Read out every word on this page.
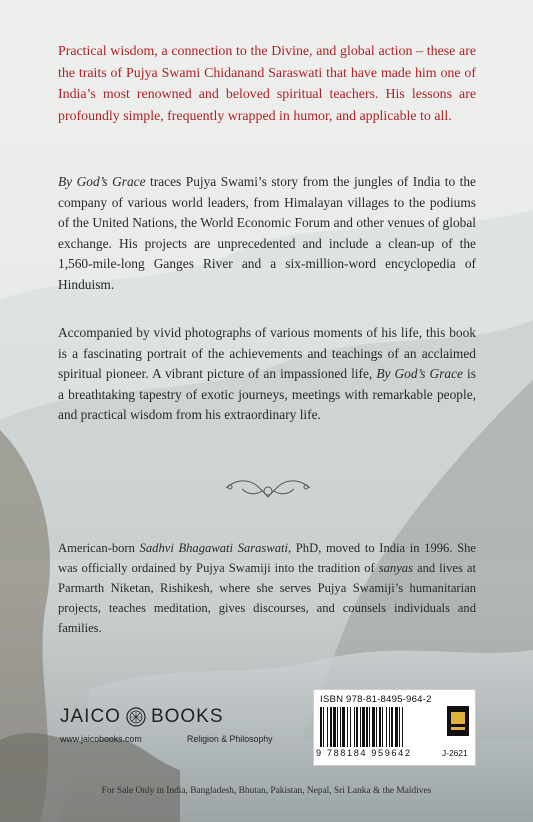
Practical wisdom, a connection to the Divine, and global action – these are the traits of Pujya Swami Chidanand Saraswati that have made him one of India’s most renowned and beloved spiritual teachers. His lessons are profoundly simple, frequently wrapped in humor, and applicable to all.

By God’s Grace traces Pujya Swami’s story from the jungles of India to the company of various world leaders, from Himalayan villages to the podiums of the United Nations, the World Economic Forum and other venues of global exchange. His projects are unprecedented and include a clean-up of the 1,560-mile-long Ganges River and a six-million-word encyclopedia of Hinduism.

Accompanied by vivid photographs of various moments of his life, this book is a fascinating portrait of the achievements and teachings of an acclaimed spiritual pioneer. A vibrant picture of an impassioned life, By God’s Grace is a breathtaking tapestry of exotic journeys, meetings with remarkable people, and practical wisdom from his extraordinary life.

American-born Sadhvi Bhagawati Saraswati, PhD, moved to India in 1996. She was officially ordained by Pujya Swamiji into the tradition of sanyas and lives at Parmarth Niketan, Rishikesh, where she serves Pujya Swamiji’s humanitarian projects, teaches meditation, gives discourses, and counsels individuals and families.

JAICO BOOKS
www.jaicobooks.com	Religion & Philosophy
ISBN 978-81-8495-964-2
9 788184 959642	J-2621
For Sale Only in India, Bangladesh, Bhutan, Pakistan, Nepal, Sri Lanka & the Maldives
